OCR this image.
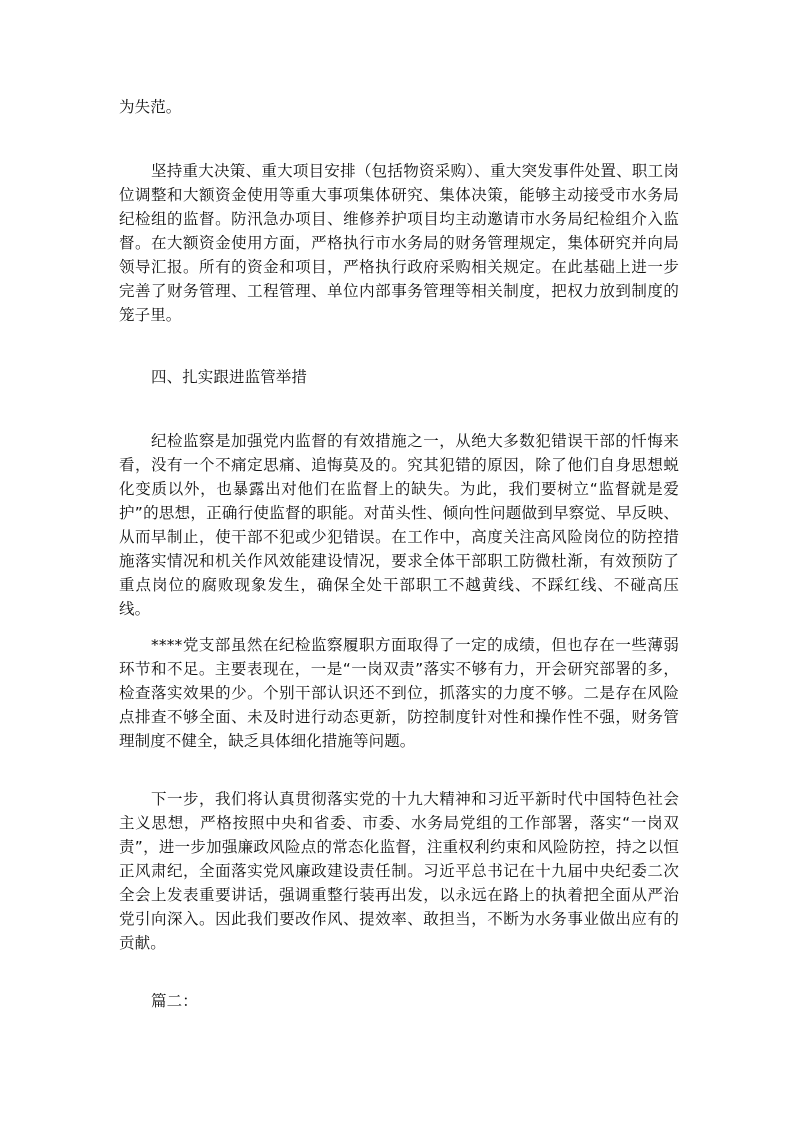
为失范。

坚持重大决策、重大项目安排（包括物资采购）、重大突发事件处置、职工岗位调整和大额资金使用等重大事项集体研究、集体决策，能够主动接受市水务局纪检组的监督。防汛急办项目、维修养护项目均主动邀请市水务局纪检组介入监督。在大额资金使用方面，严格执行市水务局的财务管理规定，集体研究并向局领导汇报。所有的资金和项目，严格执行政府采购相关规定。在此基础上进一步完善了财务管理、工程管理、单位内部事务管理等相关制度，把权力放到制度的笼子里。

四、扎实跟进监管举措

纪检监察是加强党内监督的有效措施之一，从绝大多数犯错误干部的忏悔来看，没有一个不痛定思痛、追悔莫及的。究其犯错的原因，除了他们自身思想蜕化变质以外，也暴露出对他们在监督上的缺失。为此，我们要树立“监督就是爱护”的思想，正确行使监督的职能。对苗头性、倾向性问题做到早察觉、早反映、从而早制止，使干部不犯或少犯错误。在工作中，高度关注高风险岗位的防控措施落实情况和机关作风效能建设情况，要求全体干部职工防微杜渐，有效预防了重点岗位的腐败现象发生，确保全处干部职工不越黄线、不踩红线、不碰高压线。

****党支部虽然在纪检监察履职方面取得了一定的成绩，但也存在一些薄弱环节和不足。主要表现在，一是“一岗双责”落实不够有力，开会研究部署的多，检查落实效果的少。个别干部认识还不到位，抓落实的力度不够。二是存在风险点排查不够全面、未及时进行动态更新，防控制度针对性和操作性不强，财务管理制度不健全，缺乏具体细化措施等问题。

下一步，我们将认真贯彻落实党的十九大精神和习近平新时代中国特色社会主义思想，严格按照中央和省委、市委、水务局党组的工作部署，落实“一岗双责”，进一步加强廉政风险点的常态化监督，注重权利约束和风险防控，持之以恒正风肃纪，全面落实党风廉政建设责任制。习近平总书记在十九届中央纪委二次全会上发表重要讲话，强调重整行装再出发，以永远在路上的执着把全面从严治党引向深入。因此我们要改作风、提效率、敢担当，不断为水务事业做出应有的贡献。

篇二：
